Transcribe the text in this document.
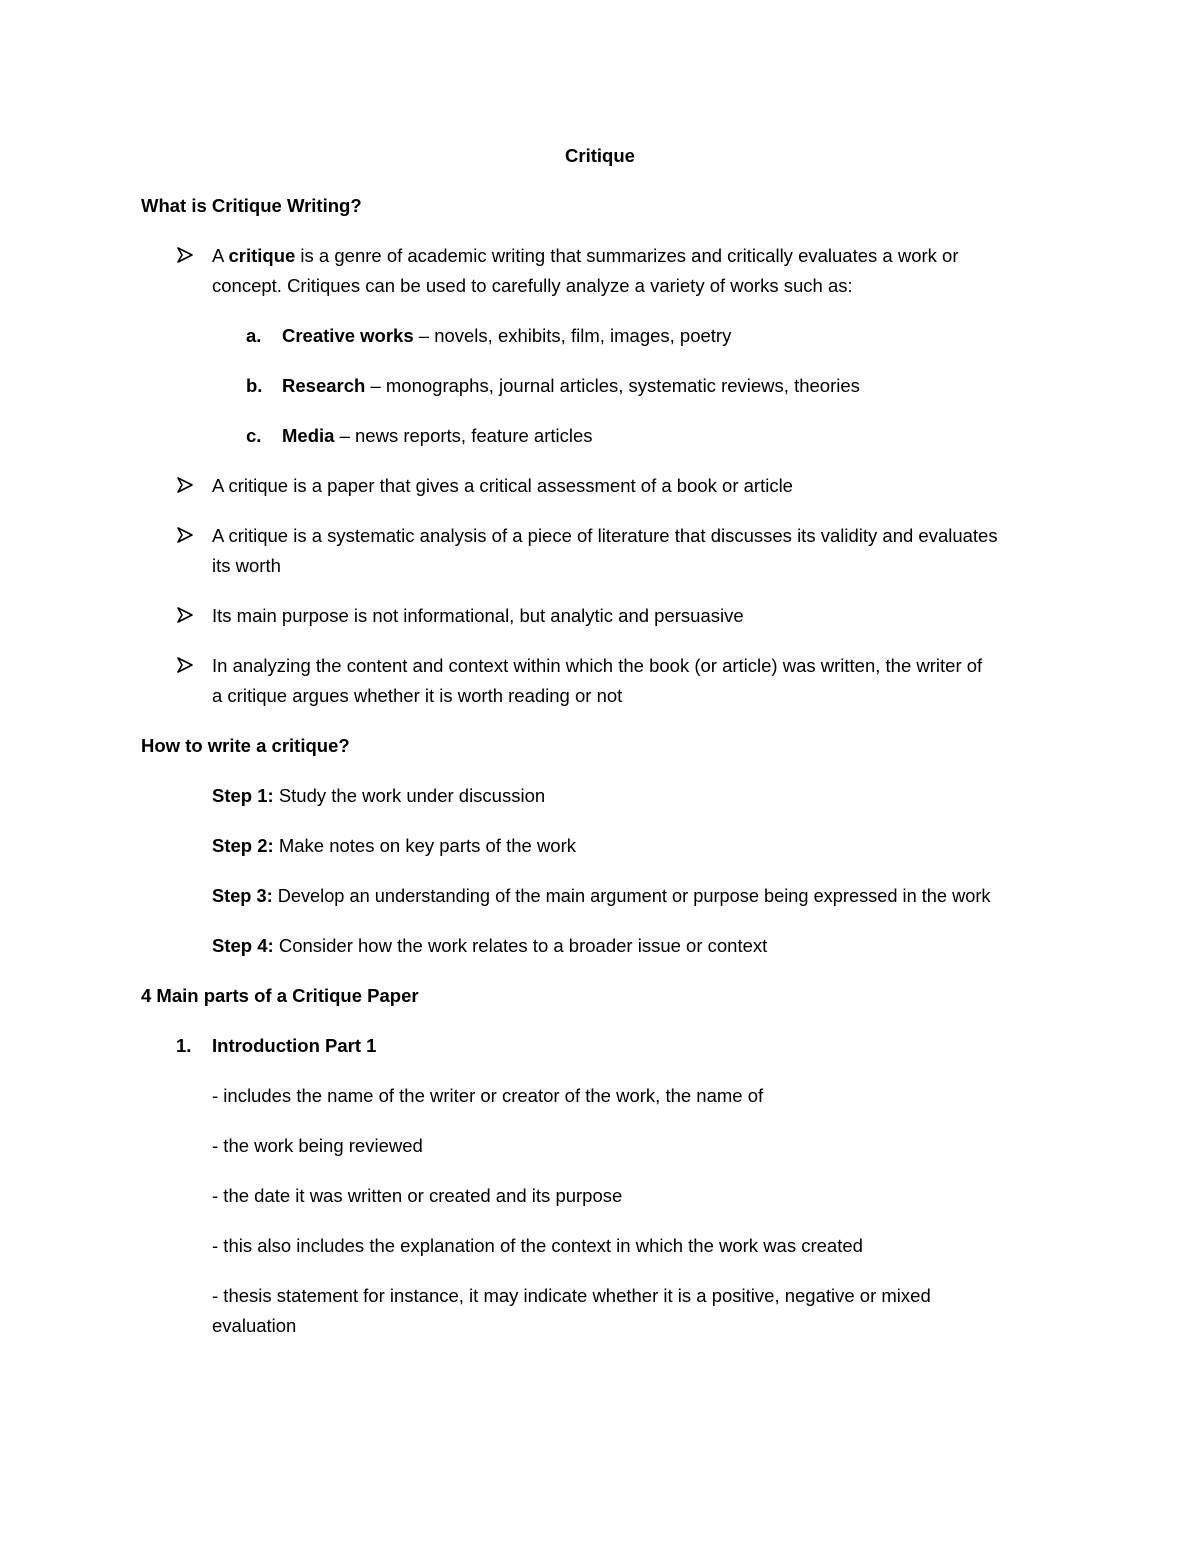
Critique
What is Critique Writing?
A critique is a genre of academic writing that summarizes and critically evaluates a work or
concept. Critiques can be used to carefully analyze a variety of works such as:
a. Creative works – novels, exhibits, film, images, poetry
b. Research – monographs, journal articles, systematic reviews, theories
c. Media – news reports, feature articles
A critique is a paper that gives a critical assessment of a book or article
A critique is a systematic analysis of a piece of literature that discusses its validity and evaluates
its worth
Its main purpose is not informational, but analytic and persuasive
In analyzing the content and context within which the book (or article) was written, the writer of
a critique argues whether it is worth reading or not
How to write a critique?
Step 1: Study the work under discussion
Step 2: Make notes on key parts of the work
Step 3: Develop an understanding of the main argument or purpose being expressed in the work
Step 4: Consider how the work relates to a broader issue or context
4 Main parts of a Critique Paper
1. Introduction Part 1
- includes the name of the writer or creator of the work, the name of
- the work being reviewed
- the date it was written or created and its purpose
- this also includes the explanation of the context in which the work was created
- thesis statement for instance, it may indicate whether it is a positive, negative or mixed
evaluation
